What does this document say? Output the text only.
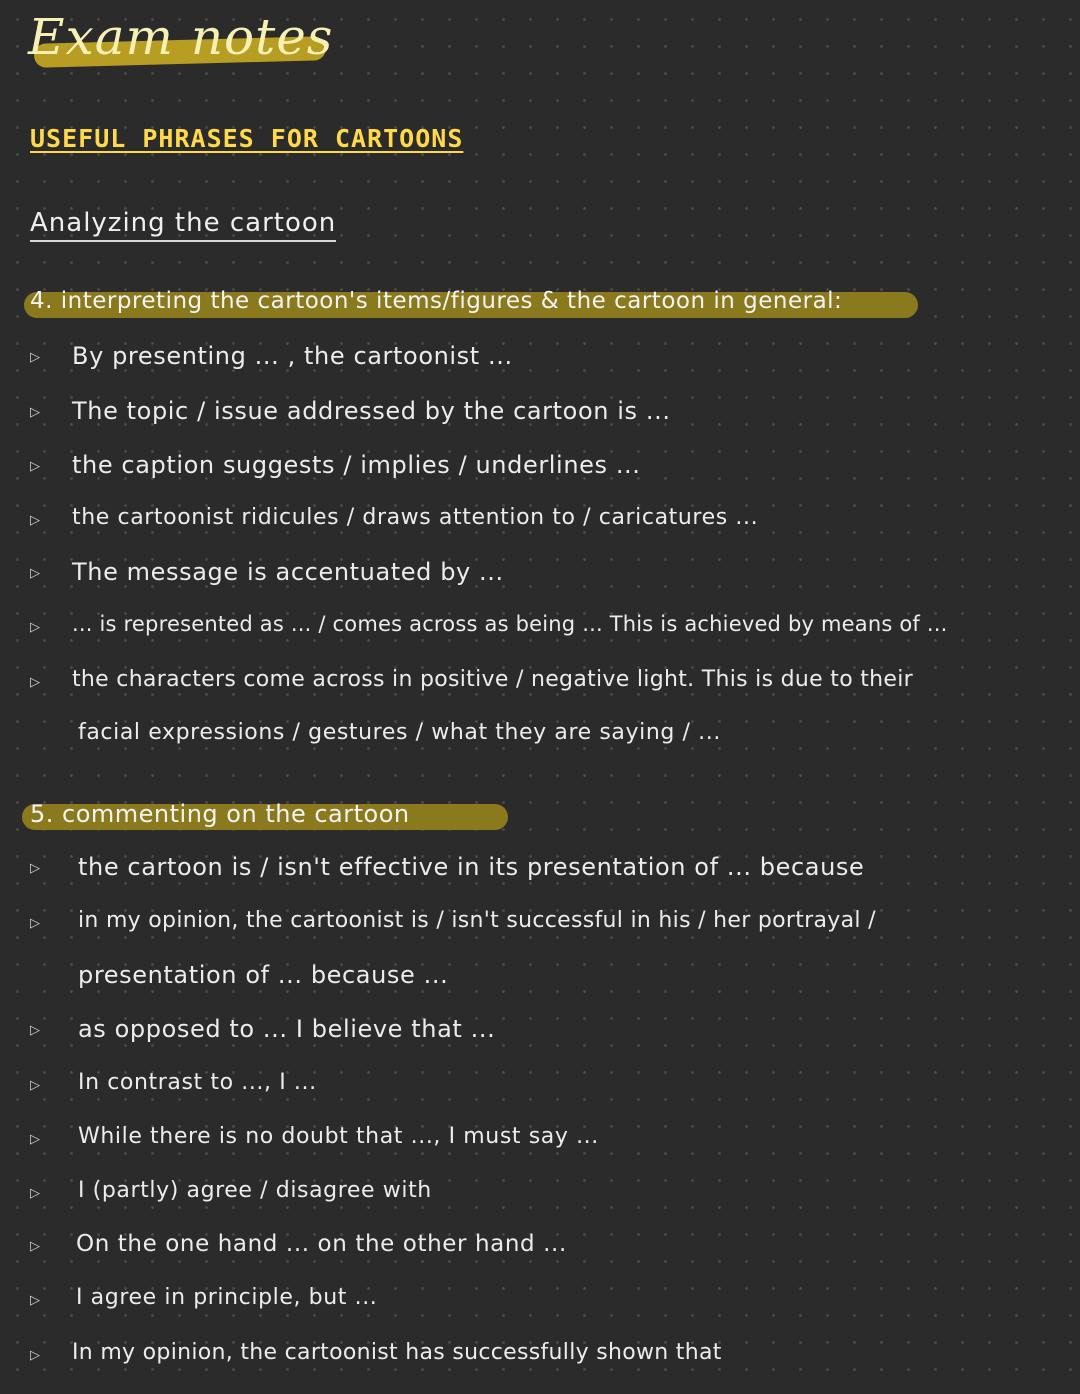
Exam notes
USEFUL PHRASES FOR CARTOONS
Analyzing the cartoon
4. interpreting the cartoon's items/figures & the cartoon in general:
▷ By presenting ... , the cartoonist ...
▷ The topic / issue addressed by the cartoon is ...
▷ the caption suggests / implies / underlines ...
▷ the cartoonist ridicules / draws attention to / caricatures ...
▷ The message is accentuated by ...
▷ ... is represented as ... / comes across as being ... This is achieved by means of ...
▷ the characters come across in positive / negative light. This is due to their
facial expressions / gestures / what they are saying / ...
5. commenting on the cartoon
▷ the cartoon is / isn't effective in its presentation of ... because
▷ in my opinion, the cartoonist is / isn't successful in his / her portrayal /
presentation of ... because ...
▷ as opposed to ... I believe that ...
▷ In contrast to ..., I ...
▷ While there is no doubt that ..., I must say ...
▷ I (partly) agree / disagree with
▷ On the one hand ... on the other hand ...
▷ I agree in principle, but ...
▷ In my opinion, the cartoonist has successfully shown that
